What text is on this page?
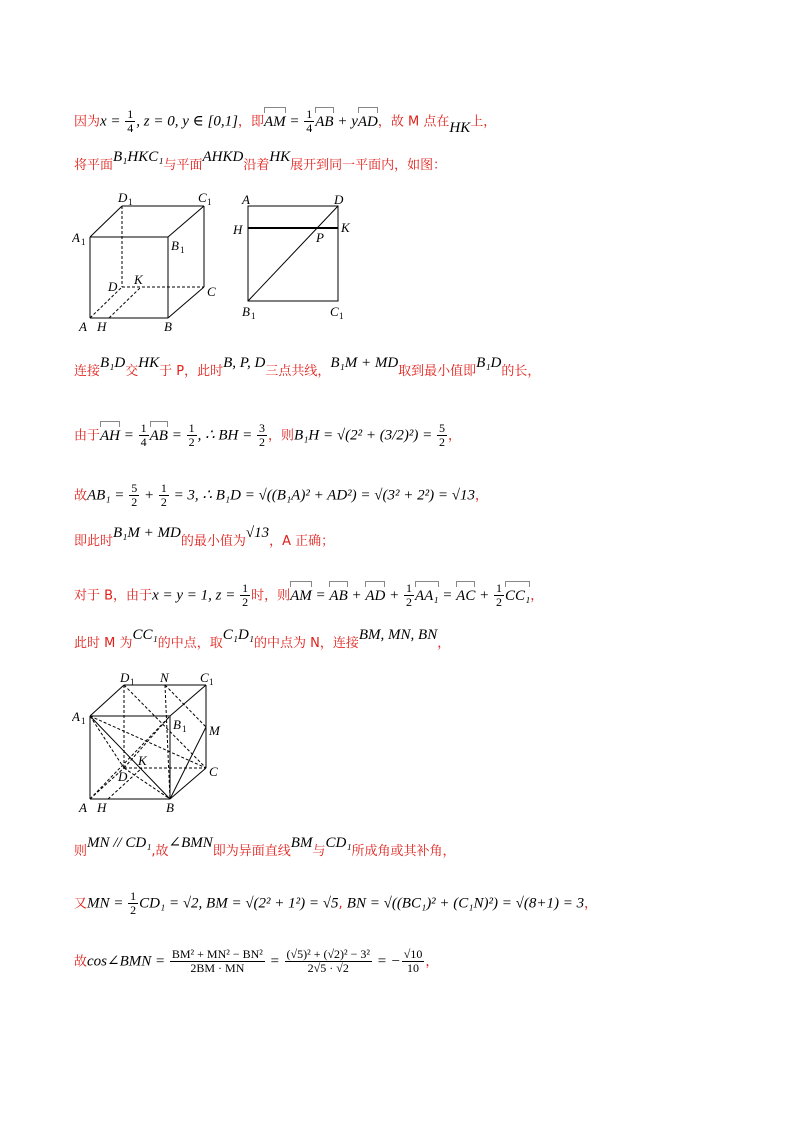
因为$x = \frac{1}{4}$ , z = 0, y ∈ [0,1]，即AM = $\frac{1}{4}$ AB + yAD，故 M 点在HK上，
将平面B₁HKC₁与平面AHKD沿着HK展开到同一平面内，如图：
连接B₁D交HK于 P，此时B, P, D三点共线，B₁M + MD取到最小值即B₁D的长，
由于AH = $\frac{1}{4}$ AB = $\frac{1}{2}$ , ∴ BH = $\frac{3}{2}$ ，则$B_1H = √(2^2 + (3/2)^2) = \frac{5}{2}$ ，
故$AB_1 = \frac{5}{2} + \frac{1}{2} = 3$, ∴ B₁D = √((B₁A)² + AD²) = √(3² + 2²) = √13，
即此时B₁M + MD的最小值为√13，A 正确；
对于 B，由于x = y = 1, $z = \frac{1}{2}$ 时，则AM = AB + AD + $\frac{1}{2} AA_1$ = AC + $\frac{1}{2} CC_1$，
此时 M 为CC₁的中点，取C₁D₁的中点为 N，连接BM, MN, BN，
则MN // CD₁,故∠BMN即为异面直线BM与CD₁所成角或其补角，
又MN = $\frac{1}{2} CD_1 = √2$, BM = √(2² + 1²) = √5, BN = √((BC₁)² + (C₁N)²) = √(8+1) = 3，
故cos∠BMN = $\frac{\text{BM² + MN² − BN²}}{2BM \cdot MN} = \frac{\text{(√5)² + (√2)² − 3²}}{2√5 \cdot √2}$ = − $\frac{√10}{10}$ ，
D 1	C 1
A 1	B 1
D K
C
A H	B
A	D
H
P
K
B 1	C 1
D 1 N C 1
A 1	B 1 M
K
D	C
A H	B
